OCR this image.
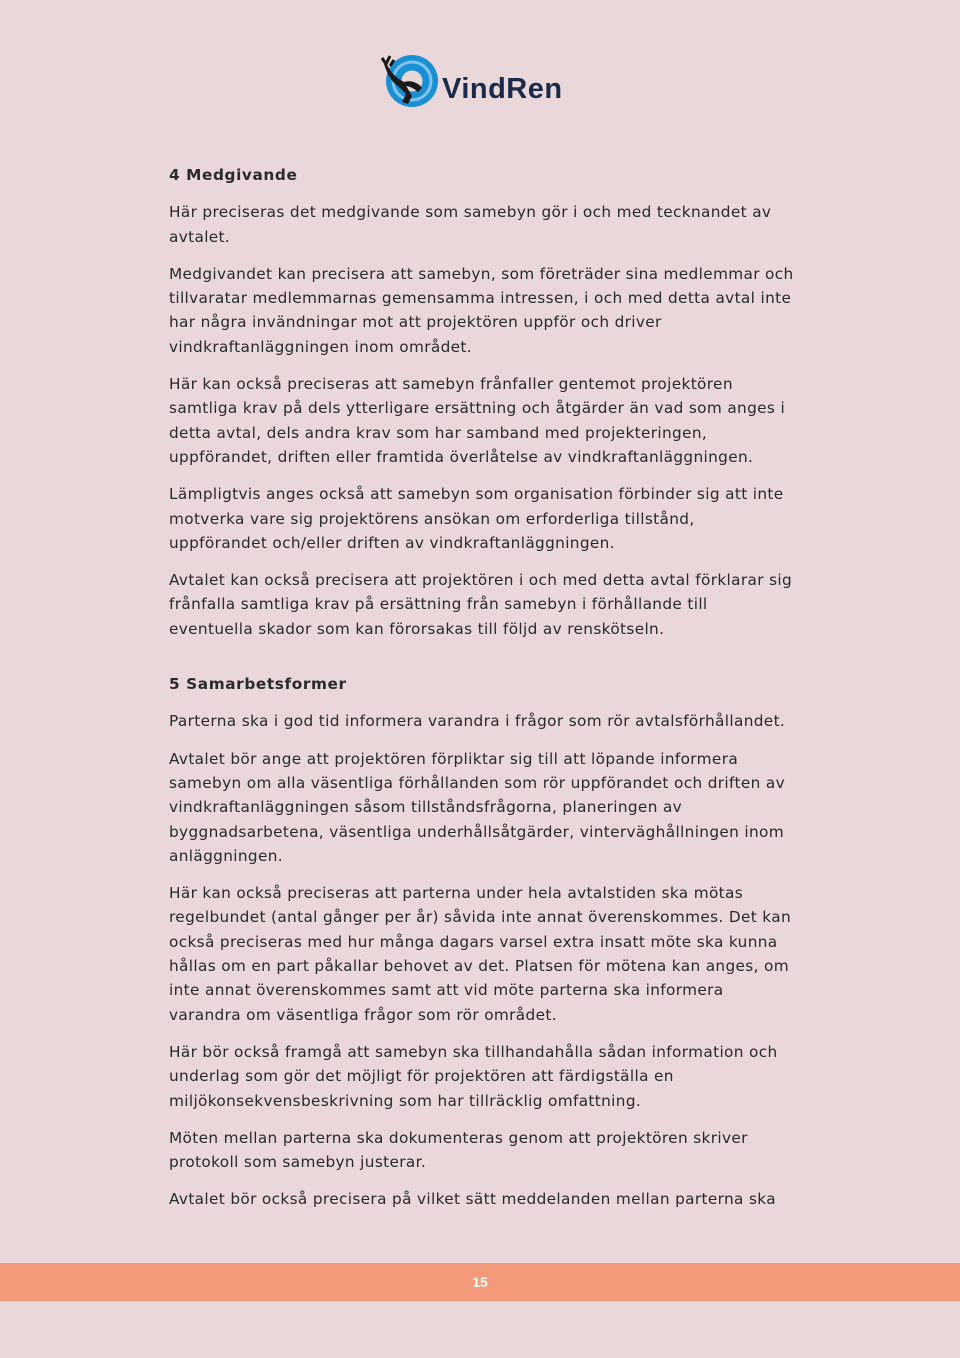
VindRen
4 Medgivande

Här preciseras det medgivande som samebyn gör i och med tecknandet av avtalet.

Medgivandet kan precisera att samebyn, som företräder sina medlemmar och tillvaratar medlemmarnas gemensamma intressen, i och med detta avtal inte har några invändningar mot att projektören uppför och driver vindkraftanläggningen inom området.

Här kan också preciseras att samebyn frånfaller gentemot projektören samtliga krav på dels ytterligare ersättning och åtgärder än vad som anges i detta avtal, dels andra krav som har samband med projekteringen, uppförandet, driften eller framtida överlåtelse av vindkraftanläggningen.

Lämpligtvis anges också att samebyn som organisation förbinder sig att inte motverka vare sig projektörens ansökan om erforderliga tillstånd, uppförandet och/eller driften av vindkraftanläggningen.

Avtalet kan också precisera att projektören i och med detta avtal förklarar sig frånfalla samtliga krav på ersättning från samebyn i förhållande till eventuella skador som kan förorsakas till följd av renskötseln.

5 Samarbetsformer

Parterna ska i god tid informera varandra i frågor som rör avtalsförhållandet.

Avtalet bör ange att projektören förpliktar sig till att löpande informera samebyn om alla väsentliga förhållanden som rör uppförandet och driften av vindkraftanläggningen såsom tillståndsfrågorna, planeringen av byggnadsarbetena, väsentliga underhållsåtgärder, vinterväghållningen inom anläggningen.

Här kan också preciseras att parterna under hela avtalstiden ska mötas regelbundet (antal gånger per år) såvida inte annat överenskommes. Det kan också preciseras med hur många dagars varsel extra insatt möte ska kunna hållas om en part påkallar behovet av det. Platsen för mötena kan anges, om inte annat överenskommes samt att vid möte parterna ska informera varandra om väsentliga frågor som rör området.

Här bör också framgå att samebyn ska tillhandahålla sådan information och underlag som gör det möjligt för projektören att färdigställa en miljökonsekvensbeskrivning som har tillräcklig omfattning.

Möten mellan parterna ska dokumenteras genom att projektören skriver protokoll som samebyn justerar.

Avtalet bör också precisera på vilket sätt meddelanden mellan parterna ska

15
